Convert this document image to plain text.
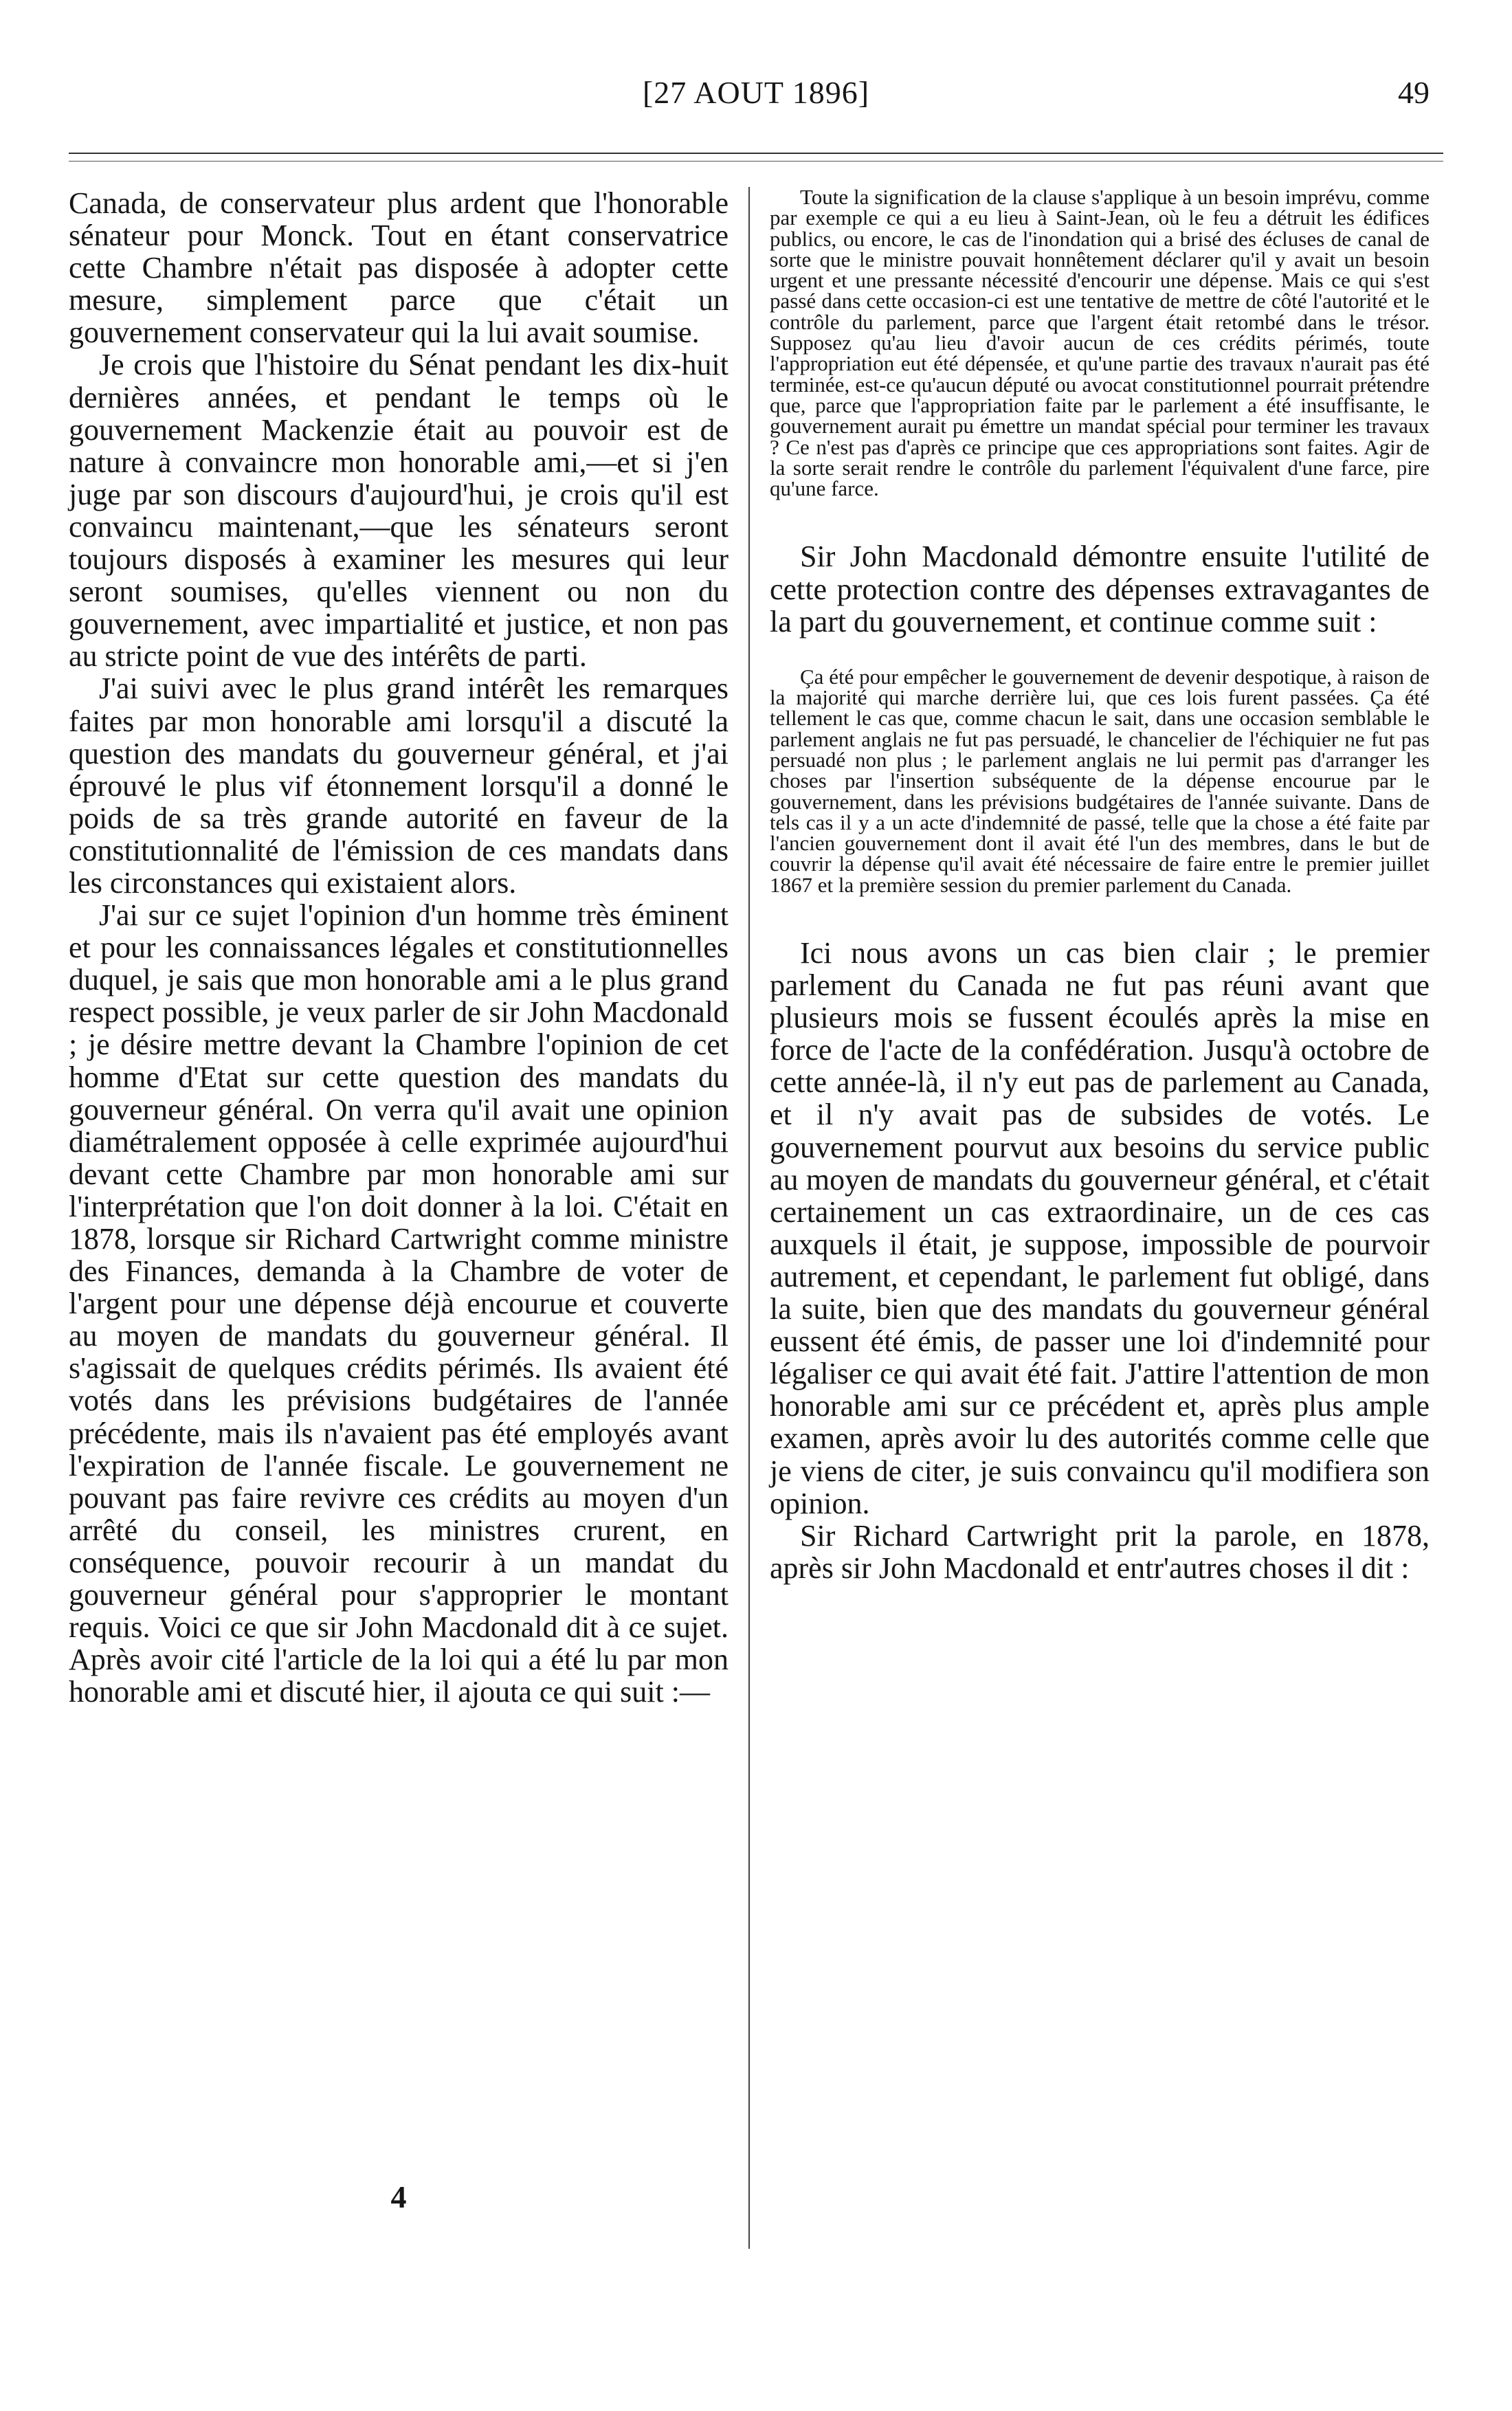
[27 AOUT 1896]	49

Canada, de conservateur plus ardent que l'honorable sénateur pour Monck. Tout en étant conservatrice cette Chambre n'était pas disposée à adopter cette mesure, simplement parce que c'était un gouvernement conservateur qui la lui avait soumise.

Je crois que l'histoire du Sénat pendant les dix-huit dernières années, et pendant le temps où le gouvernement Mackenzie était au pouvoir est de nature à convaincre mon honorable ami,—et si j'en juge par son discours d'aujourd'hui, je crois qu'il est convaincu maintenant,—que les sénateurs seront toujours disposés à examiner les mesures qui leur seront soumises, qu'elles viennent ou non du gouvernement, avec impartialité et justice, et non pas au stricte point de vue des intérêts de parti.

J'ai suivi avec le plus grand intérêt les remarques faites par mon honorable ami lorsqu'il a discuté la question des mandats du gouverneur général, et j'ai éprouvé le plus vif étonnement lorsqu'il a donné le poids de sa très grande autorité en faveur de la constitutionnalité de l'émission de ces mandats dans les circonstances qui existaient alors.

J'ai sur ce sujet l'opinion d'un homme très éminent et pour les connaissances légales et constitutionnelles duquel, je sais que mon honorable ami a le plus grand respect possible, je veux parler de sir John Macdonald ; je désire mettre devant la Chambre l'opinion de cet homme d'Etat sur cette question des mandats du gouverneur général. On verra qu'il avait une opinion diamétralement opposée à celle exprimée aujourd'hui devant cette Chambre par mon honorable ami sur l'interprétation que l'on doit donner à la loi. C'était en 1878, lorsque sir Richard Cartwright comme ministre des Finances, demanda à la Chambre de voter de l'argent pour une dépense déjà encourue et couverte au moyen de mandats du gouverneur général. Il s'agissait de quelques crédits périmés. Ils avaient été votés dans les prévisions budgétaires de l'année précédente, mais ils n'avaient pas été employés avant l'expiration de l'année fiscale. Le gouvernement ne pouvant pas faire revivre ces crédits au moyen d'un arrêté du conseil, les ministres crurent, en conséquence, pouvoir recourir à un mandat du gouverneur général pour s'approprier le montant requis. Voici ce que sir John Macdonald dit à ce sujet. Après avoir cité l'article de la loi qui a été lu par mon honorable ami et discuté hier, il ajouta ce qui suit :—

4

Toute la signification de la clause s'applique à un besoin imprévu, comme par exemple ce qui a eu lieu à Saint-Jean, où le feu a détruit les édifices publics, ou encore, le cas de l'inondation qui a brisé des écluses de canal de sorte que le ministre pouvait honnêtement déclarer qu'il y avait un besoin urgent et une pressante nécessité d'encourir une dépense. Mais ce qui s'est passé dans cette occasion-ci est une tentative de mettre de côté l'autorité et le contrôle du parlement, parce que l'argent était retombé dans le trésor. Supposez qu'au lieu d'avoir aucun de ces crédits périmés, toute l'appropriation eut été dépensée, et qu'une partie des travaux n'aurait pas été terminée, est-ce qu'aucun député ou avocat constitutionnel pourrait prétendre que, parce que l'appropriation faite par le parlement a été insuffisante, le gouvernement aurait pu émettre un mandat spécial pour terminer les travaux ? Ce n'est pas d'après ce principe que ces appropriations sont faites. Agir de la sorte serait rendre le contrôle du parlement l'équivalent d'une farce, pire qu'une farce.

Sir John Macdonald démontre ensuite l'utilité de cette protection contre des dépenses extravagantes de la part du gouvernement, et continue comme suit :

Ça été pour empêcher le gouvernement de devenir despotique, à raison de la majorité qui marche derrière lui, que ces lois furent passées. Ça été tellement le cas que, comme chacun le sait, dans une occasion semblable le parlement anglais ne fut pas persuadé, le chancelier de l'échiquier ne fut pas persuadé non plus ; le parlement anglais ne lui permit pas d'arranger les choses par l'insertion subséquente de la dépense encourue par le gouvernement, dans les prévisions budgétaires de l'année suivante. Dans de tels cas il y a un acte d'indemnité de passé, telle que la chose a été faite par l'ancien gouvernement dont il avait été l'un des membres, dans le but de couvrir la dépense qu'il avait été nécessaire de faire entre le premier juillet 1867 et la première session du premier parlement du Canada.

Ici nous avons un cas bien clair ; le premier parlement du Canada ne fut pas réuni avant que plusieurs mois se fussent écoulés après la mise en force de l'acte de la confédération. Jusqu'à octobre de cette année-là, il n'y eut pas de parlement au Canada, et il n'y avait pas de subsides de votés. Le gouvernement pourvut aux besoins du service public au moyen de mandats du gouverneur général, et c'était certainement un cas extraordinaire, un de ces cas auxquels il était, je suppose, impossible de pourvoir autrement, et cependant, le parlement fut obligé, dans la suite, bien que des mandats du gouverneur général eussent été émis, de passer une loi d'indemnité pour légaliser ce qui avait été fait. J'attire l'attention de mon honorable ami sur ce précédent et, après plus ample examen, après avoir lu des autorités comme celle que je viens de citer, je suis convaincu qu'il modifiera son opinion.

Sir Richard Cartwright prit la parole, en 1878, après sir John Macdonald et entr'autres choses il dit :
